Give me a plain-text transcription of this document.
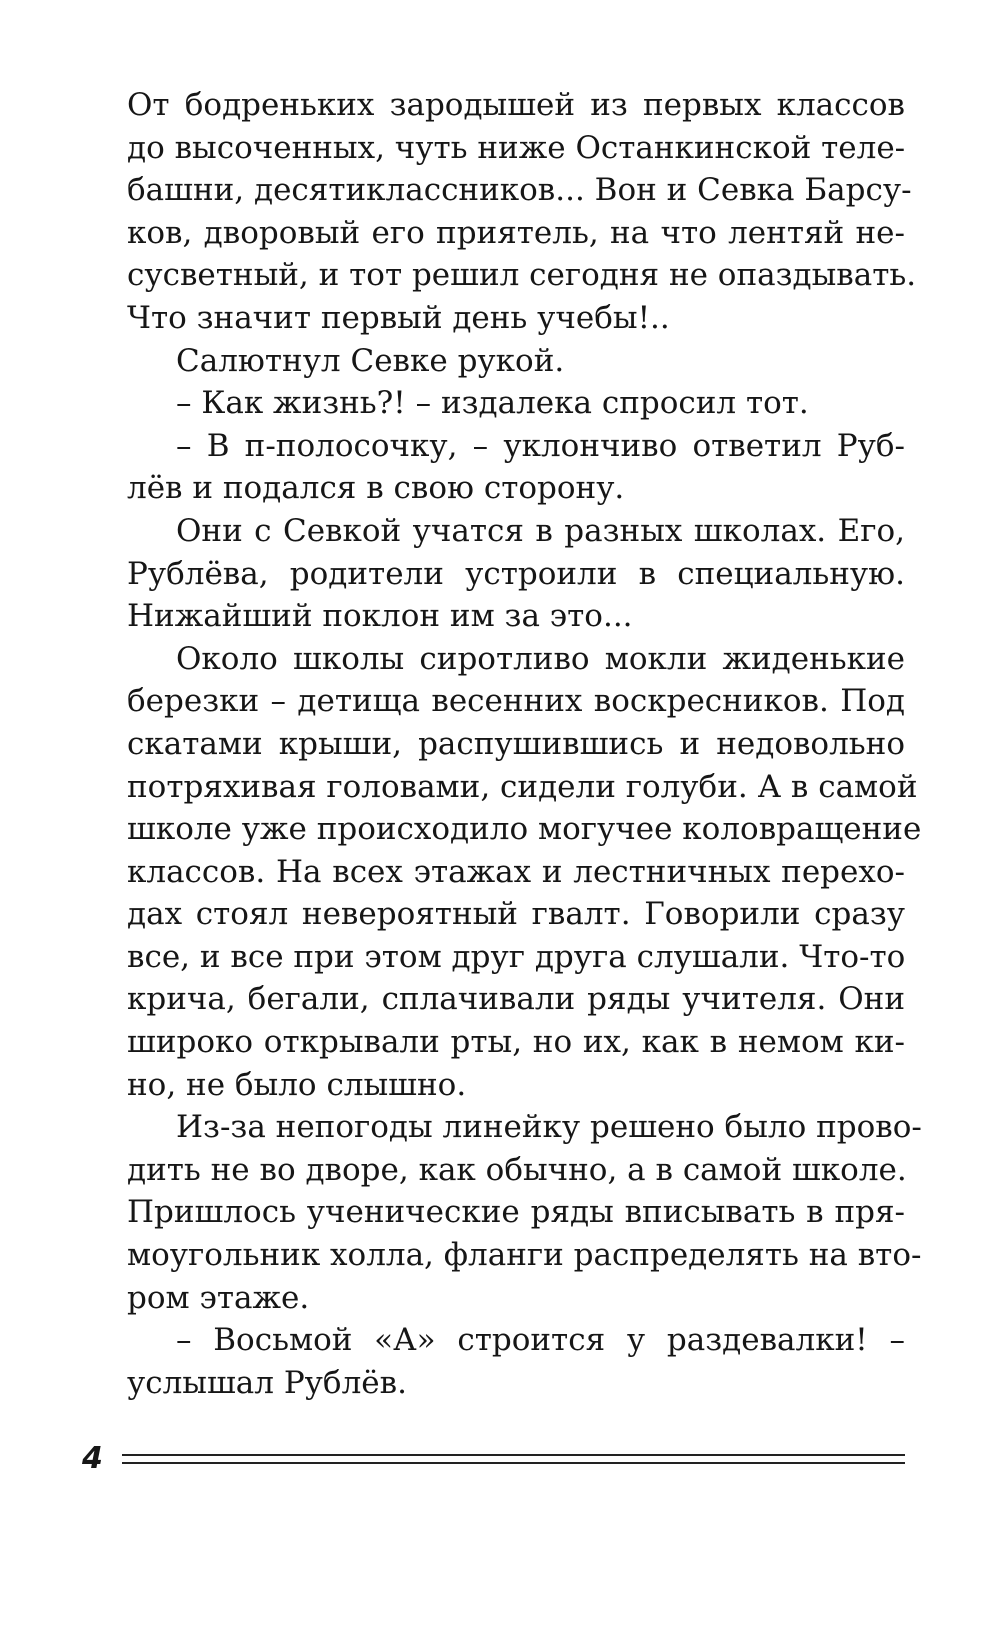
От бодреньких зародышей из первых классов
до высоченных, чуть ниже Останкинской теле-
башни, десятиклассников... Вон и Севка Барсу-
ков, дворовый его приятель, на что лентяй не-
сусветный, и тот решил сегодня не опаздывать.
Что значит первый день учебы!..
Салютнул Севке рукой.
– Как жизнь?! – издалека спросил тот.
– В п-полосочку, – уклончиво ответил Руб-
лёв и подался в свою сторону.
Они с Севкой учатся в разных школах. Его,
Рублёва, родители устроили в специальную.
Нижайший поклон им за это...
Около школы сиротливо мокли жиденькие
березки – детища весенних воскресников. Под
скатами крыши, распушившись и недовольно
потряхивая головами, сидели голуби. А в самой
школе уже происходило могучее коловращение
классов. На всех этажах и лестничных перехо-
дах стоял невероятный гвалт. Говорили сразу
все, и все при этом друг друга слушали. Что-то
крича, бегали, сплачивали ряды учителя. Они
широко открывали рты, но их, как в немом ки-
но, не было слышно.
Из-за непогоды линейку решено было прово-
дить не во дворе, как обычно, а в самой школе.
Пришлось ученические ряды вписывать в пря-
моугольник холла, фланги распределять на вто-
ром этаже.
– Восьмой «А» строится у раздевалки! –
услышал Рублёв.
4
